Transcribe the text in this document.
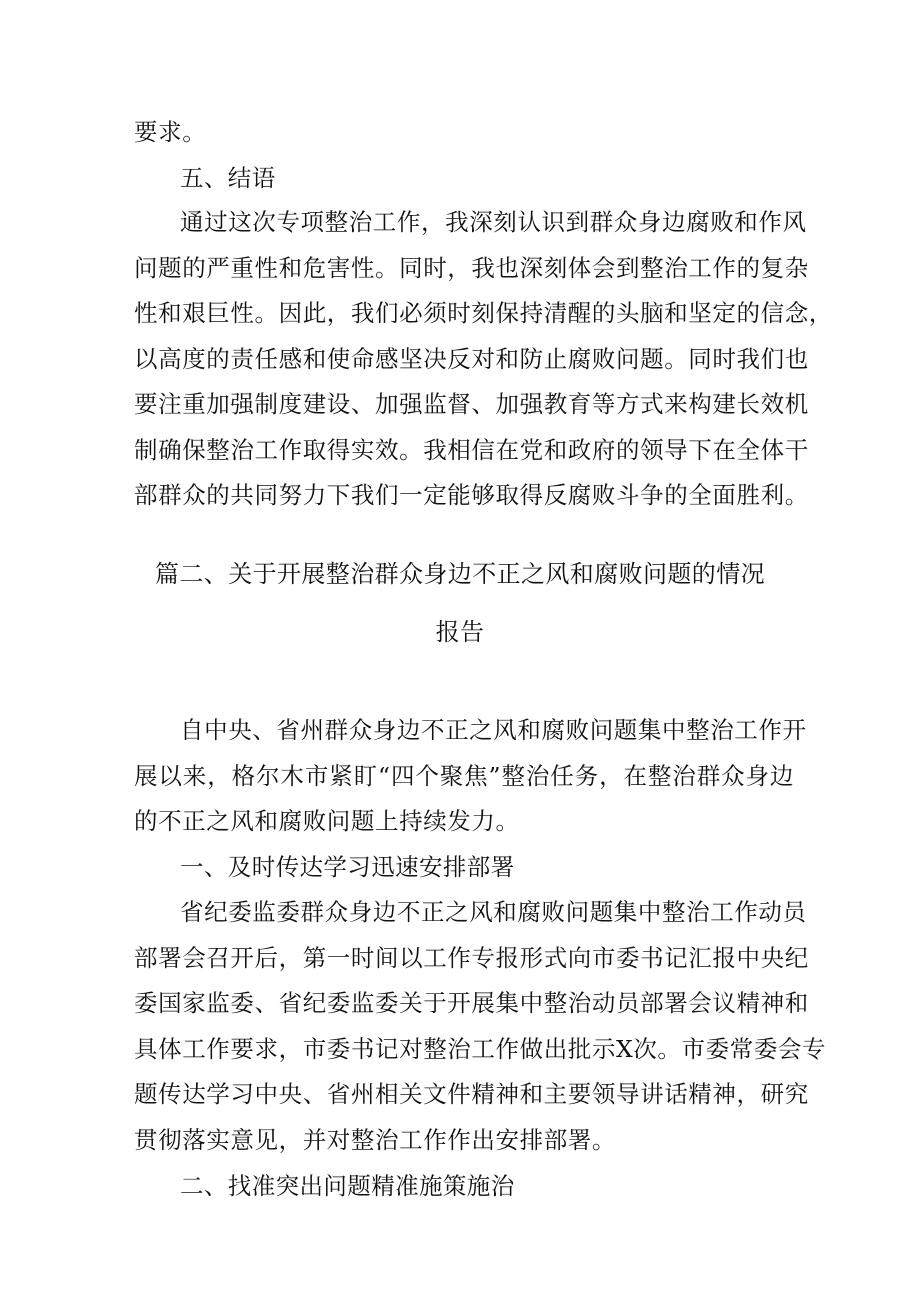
要求。
五、结语
通过这次专项整治工作，我深刻认识到群众身边腐败和作风
问题的严重性和危害性。同时，我也深刻体会到整治工作的复杂
性和艰巨性。因此，我们必须时刻保持清醒的头脑和坚定的信念，
以高度的责任感和使命感坚决反对和防止腐败问题。同时我们也
要注重加强制度建设、加强监督、加强教育等方式来构建长效机
制确保整治工作取得实效。我相信在党和政府的领导下在全体干
部群众的共同努力下我们一定能够取得反腐败斗争的全面胜利。
篇二、关于开展整治群众身边不正之风和腐败问题的情况
报告
自中央、省州群众身边不正之风和腐败问题集中整治工作开
展以来，格尔木市紧盯“四个聚焦”整治任务，在整治群众身边
的不正之风和腐败问题上持续发力。
一、及时传达学习迅速安排部署
省纪委监委群众身边不正之风和腐败问题集中整治工作动员
部署会召开后，第一时间以工作专报形式向市委书记汇报中央纪
委国家监委、省纪委监委关于开展集中整治动员部署会议精神和
具体工作要求，市委书记对整治工作做出批示X次。市委常委会专
题传达学习中央、省州相关文件精神和主要领导讲话精神，研究
贯彻落实意见，并对整治工作作出安排部署。
二、找准突出问题精准施策施治
